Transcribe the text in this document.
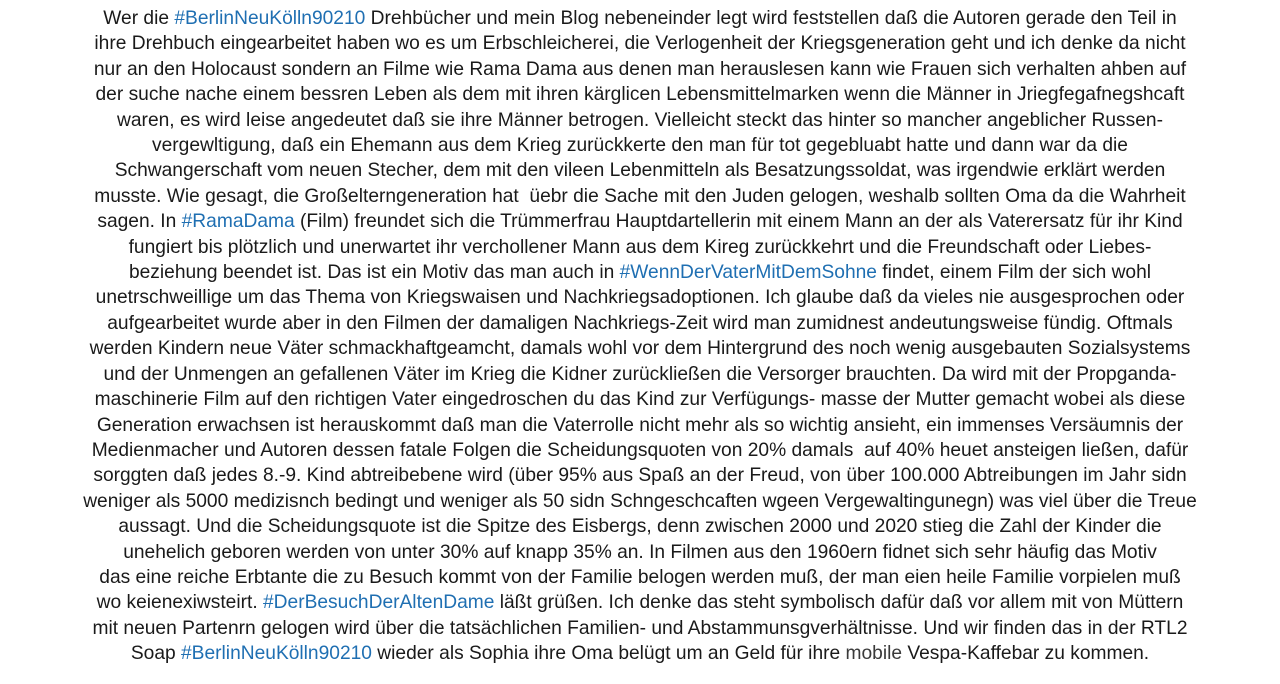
Wer die #BerlinNeuKölln90210 Drehbücher und mein Blog nebeneinder legt wird feststellen daß die Autoren gerade den Teil in
ihre Drehbuch eingearbeitet haben wo es um Erbschleicherei, die Verlogenheit der Kriegsgeneration geht und ich denke da nicht
nur an den Holocaust sondern an Filme wie Rama Dama aus denen man herauslesen kann wie Frauen sich verhalten ahben auf
der suche nache einem bessren Leben als dem mit ihren kärglicen Lebensmittelmarken wenn die Männer in Jriegfegafnegshcaft
waren, es wird leise angedeutet daß sie ihre Männer betrogen. Vielleicht steckt das hinter so mancher angeblicher Russen-
vergewltigung, daß ein Ehemann aus dem Krieg zurückkerte den man für tot gegebluabt hatte und dann war da die
Schwangerschaft vom neuen Stecher, dem mit den vileen Lebenmitteln als Besatzungssoldat, was irgendwie erklärt werden
musste. Wie gesagt, die Großelterngeneration hat  üebr die Sache mit den Juden gelogen, weshalb sollten Oma da die Wahrheit
sagen. In #RamaDama (Film) freundet sich die Trümmerfrau Hauptdartellerin mit einem Mann an der als Vaterersatz für ihr Kind
fungiert bis plötzlich und unerwartet ihr verchollener Mann aus dem Kireg zurückkehrt und die Freundschaft oder Liebes-
beziehung beendet ist. Das ist ein Motiv das man auch in #WennDerVaterMitDemSohne findet, einem Film der sich wohl
unetrschweillige um das Thema von Kriegswaisen und Nachkriegsadoptionen. Ich glaube daß da vieles nie ausgesprochen oder
aufgearbeitet wurde aber in den Filmen der damaligen Nachkriegs-Zeit wird man zumidnest andeutungsweise fündig. Oftmals
werden Kindern neue Väter schmackhaftgeamcht, damals wohl vor dem Hintergrund des noch wenig ausgebauten Sozialsystems
und der Unmengen an gefallenen Väter im Krieg die Kidner zurückließen die Versorger brauchten. Da wird mit der Propganda-
maschinerie Film auf den richtigen Vater eingedroschen du das Kind zur Verfügungs- masse der Mutter gemacht wobei als diese
Generation erwachsen ist herauskommt daß man die Vaterrolle nicht mehr als so wichtig ansieht, ein immenses Versäumnis der
Medienmacher und Autoren dessen fatale Folgen die Scheidungsquoten von 20% damals  auf 40% heuet ansteigen ließen, dafür
sorggten daß jedes 8.-9. Kind abtreibebene wird (über 95% aus Spaß an der Freud, von über 100.000 Abtreibungen im Jahr sidn
weniger als 5000 medizisnch bedingt und weniger als 50 sidn Schngeschcaften wgeen Vergewaltingunegn) was viel über die Treue
aussagt. Und die Scheidungsquote ist die Spitze des Eisbergs, denn zwischen 2000 und 2020 stieg die Zahl der Kinder die
unehelich geboren werden von unter 30% auf knapp 35% an. In Filmen aus den 1960ern fidnet sich sehr häufig das Motiv
das eine reiche Erbtante die zu Besuch kommt von der Familie belogen werden muß, der man eien heile Familie vorpielen muß
wo keienexiwsteirt. #DerBesuchDerAltenDame läßt grüßen. Ich denke das steht symbolisch dafür daß vor allem mit von Müttern
mit neuen Partenrn gelogen wird über die tatsächlichen Familien- und Abstammunsgverhältnisse. Und wir finden das in der RTL2
Soap #BerlinNeuKölln90210 wieder als Sophia ihre Oma belügt um an Geld für ihre mobile Vespa-Kaffebar zu kommen.
